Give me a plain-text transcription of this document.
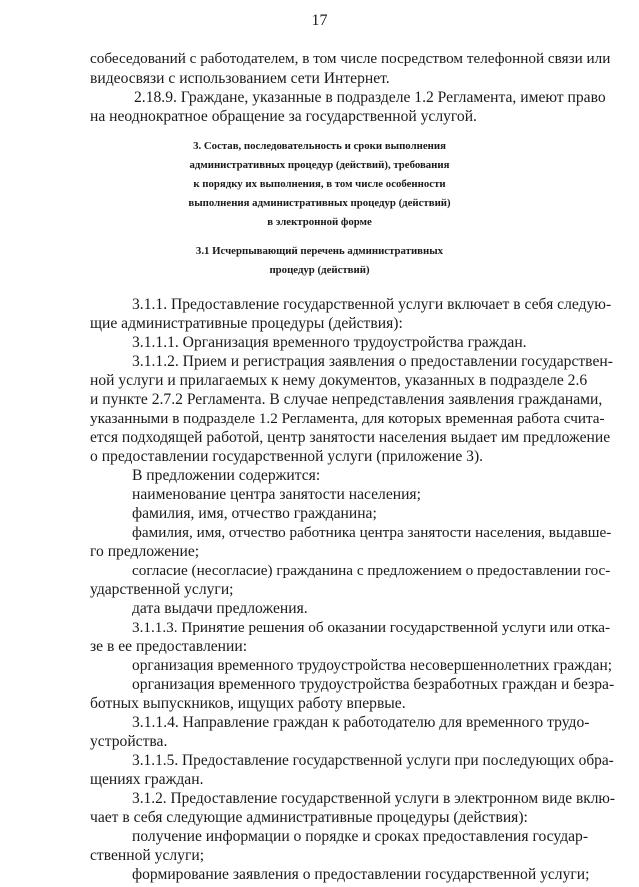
17
собеседований с работодателем, в том числе посредством телефонной связи или
видеосвязи с использованием сети Интернет.
2.18.9. Граждане, указанные в подразделе 1.2 Регламента, имеют право
на неоднократное обращение за государственной услугой.
3. Состав, последовательность и сроки выполнения
административных процедур (действий), требования
к порядку их выполнения, в том числе особенности
выполнения административных процедур (действий)
в электронной форме
3.1 Исчерпывающий перечень административных
процедур (действий)
3.1.1. Предоставление государственной услуги включает в себя следую-
щие административные процедуры (действия):
3.1.1.1. Организация временного трудоустройства граждан.
3.1.1.2. Прием и регистрация заявления о предоставлении государствен-
ной услуги и прилагаемых к нему документов, указанных в подразделе 2.6
и пункте 2.7.2 Регламента. В случае непредставления заявления гражданами,
указанными в подразделе 1.2 Регламента, для которых временная работа счита-
ется подходящей работой, центр занятости населения выдает им предложение
о предоставлении государственной услуги (приложение 3).
В предложении содержится:
наименование центра занятости населения;
фамилия, имя, отчество гражданина;
фамилия, имя, отчество работника центра занятости населения, выдавше-
го предложение;
согласие (несогласие) гражданина с предложением о предоставлении гос-
ударственной услуги;
дата выдачи предложения.
3.1.1.3. Принятие решения об оказании государственной услуги или отка-
зе в ее предоставлении:
организация временного трудоустройства несовершеннолетних граждан;
организация временного трудоустройства безработных граждан и безра-
ботных выпускников, ищущих работу впервые.
3.1.1.4. Направление граждан к работодателю для временного трудо-
устройства.
3.1.1.5. Предоставление государственной услуги при последующих обра-
щениях граждан.
3.1.2. Предоставление государственной услуги в электронном виде вклю-
чает в себя следующие административные процедуры (действия):
получение информации о порядке и сроках предоставления государ-
ственной услуги;
формирование заявления о предоставлении государственной услуги;
